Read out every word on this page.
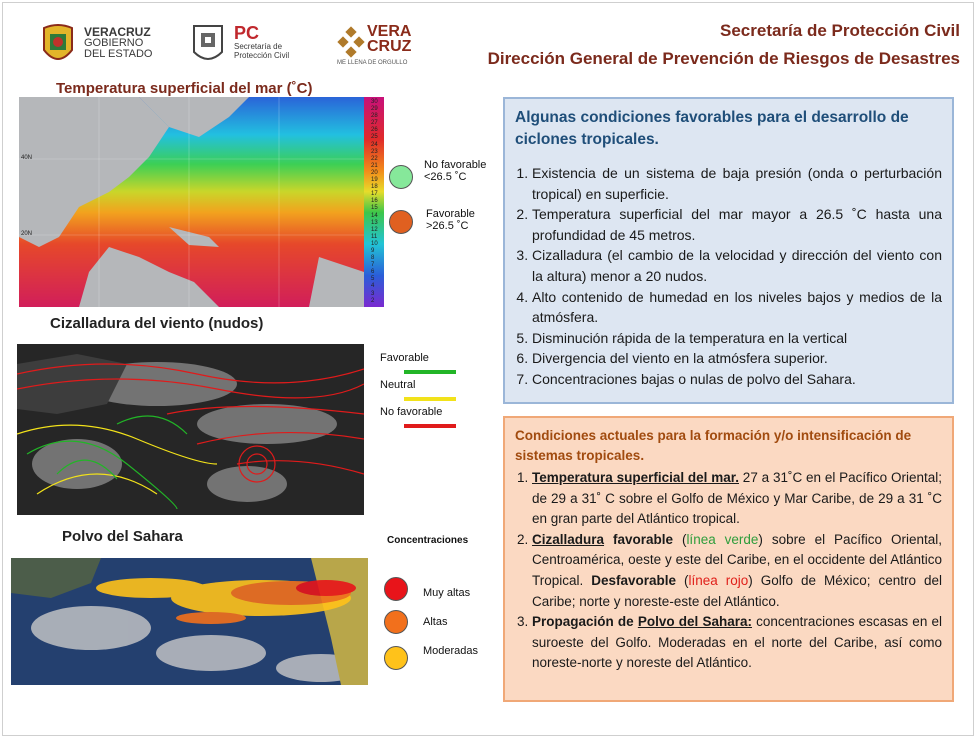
VERACRUZ
GOBIERNO
DEL ESTADO
PC
Secretaría de
Protección Civil
VERA
CRUZ
ME LLENA DE ORGULLO
Secretaría de Protección Civil
Dirección General de Prevención de Riesgos de Desastres
Temperatura superficial del mar (˚C)
30
29
28
27
26
25
24
23
22
21
20
19
18
17
16
15
14
13
12
11
10
9
8
7
6
5
4
3
2
40N
20N
No favorable
<26.5 ˚C
Favorable
>26.5 ˚C
Cizalladura del viento (nudos)
Favorable
Neutral
No favorable
Polvo del Sahara	Concentraciones
Muy altas
Altas
Moderadas
Algunas condiciones favorables para el desarrollo de ciclones tropicales.
1. Existencia de un sistema de baja presión (onda o perturbación tropical) en superficie.
2. Temperatura superficial del mar mayor a 26.5 ˚C hasta una profundidad de 45 metros.
3. Cizalladura (el cambio de la velocidad y dirección del viento con la altura) menor a 20 nudos.
4. Alto contenido de humedad en los niveles bajos y medios de la atmósfera.
5. Disminución rápida de la temperatura en la vertical
6. Divergencia del viento en la atmósfera superior.
7. Concentraciones bajas o nulas de polvo del Sahara.
Condiciones actuales para la formación y/o intensificación de sistemas tropicales.
1. Temperatura superficial del mar. 27 a 31˚C en el Pacífico Oriental; de 29 a 31˚ C sobre el Golfo de México y Mar Caribe, de 29 a 31 ˚C en gran parte del Atlántico tropical.
2. Cizalladura favorable (línea verde) sobre el Pacífico Oriental, Centroamérica, oeste y este del Caribe, en el occidente del Atlántico Tropical. Desfavorable (línea rojo) Golfo de México; centro del Caribe; norte y noreste-este del Atlántico.
3. Propagación de Polvo del Sahara: concentraciones escasas en el suroeste del Golfo. Moderadas en el norte del Caribe, así como noreste-norte y noreste del Atlántico.
